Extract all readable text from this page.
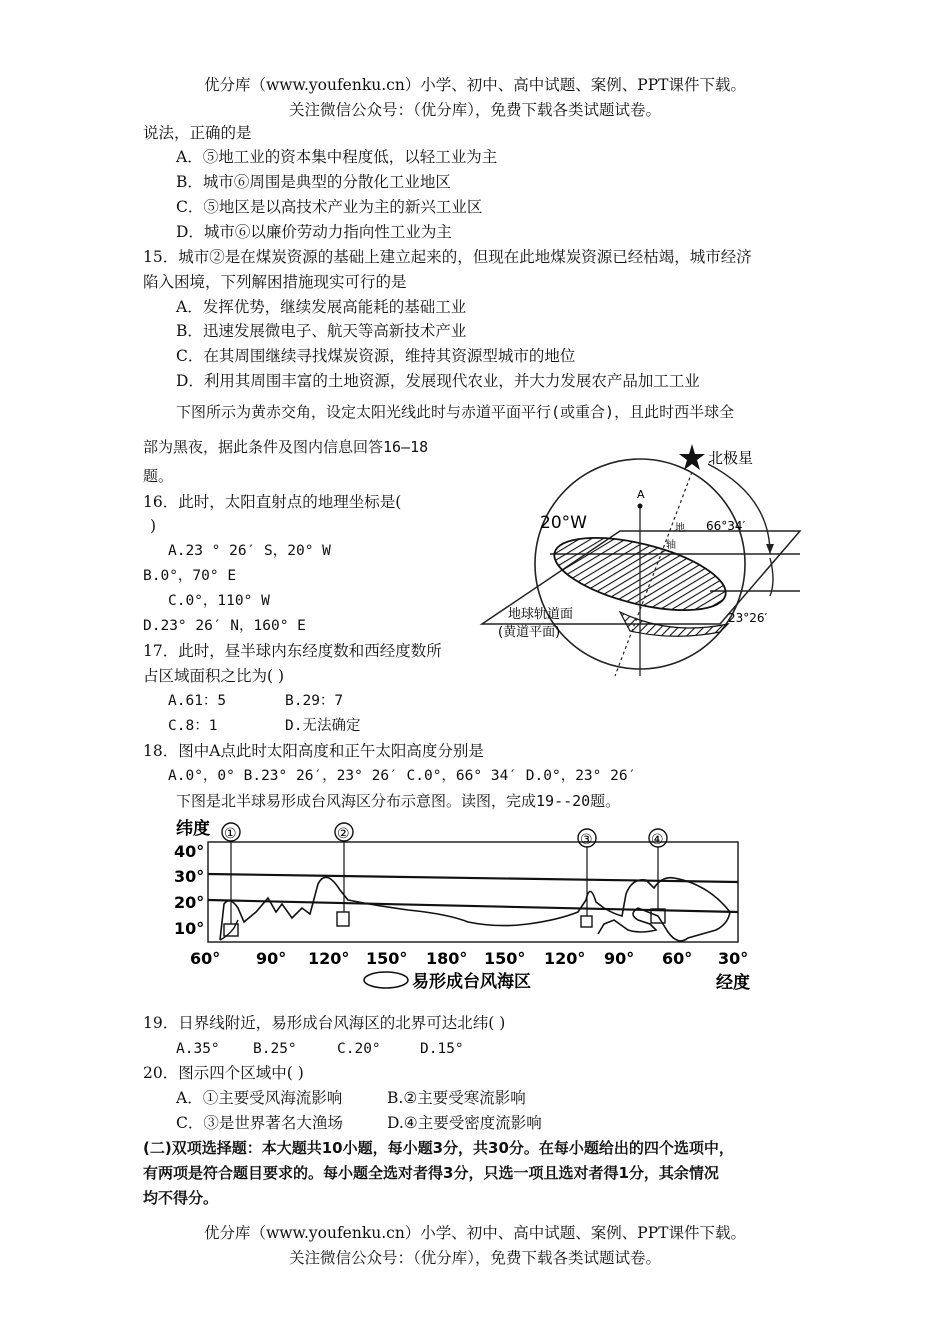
优分库（www.youfenku.cn）小学、初中、高中试题、案例、PPT课件下载。
关注微信公众号：（优分库），免费下载各类试题试卷。
说法，正确的是
A．⑤地工业的资本集中程度低，以轻工业为主
B．城市⑥周围是典型的分散化工业地区
C．⑤地区是以高技术产业为主的新兴工业区
D．城市⑥以廉价劳动力指向性工业为主
15．城市②是在煤炭资源的基础上建立起来的，但现在此地煤炭资源已经枯竭，城市经济
陷入困境，下列解困措施现实可行的是
A．发挥优势，继续发展高能耗的基础工业
B．迅速发展微电子、航天等高新技术产业
C．在其周围继续寻找煤炭资源，维持其资源型城市的地位
D．利用其周围丰富的土地资源，发展现代农业，并大力发展农产品加工工业
下图所示为黄赤交角，设定太阳光线此时与赤道平面平行(或重合)，且此时西半球全
部为黑夜，据此条件及图内信息回答16—18
题。
16．此时，太阳直射点的地理坐标是(
)
A.23 ° 26′ S，20° W
B.0°，70° E
C.0°，110° W
D.23° 26′ N，160° E
17．此时，昼半球内东经度数和西经度数所
占区域面积之比为( )
A.61：5	B.29：7
C.8：1	D.无法确定
18．图中A点此时太阳高度和正午太阳高度分别是
A.0°，0° B.23° 26′，23° 26′ C.0°，66° 34′ D.0°，23° 26′
下图是北半球易形成台风海区分布示意图。读图，完成19--20题。
北极星
A
20°W	地
轴
66°34′
23°26′
地球轨道面
(黄道平面)
纬度
40°
30°
20°
10°
60° 90° 120° 150° 180° 150° 120° 90° 60° 30°
经度
①	②	③	④
易形成台风海区
19．日界线附近，易形成台风海区的北界可达北纬( )
A.35° B.25°	C.20°	D.15°
20．图示四个区域中( )
A．①主要受风海流影响	B.②主要受寒流影响
C．③是世界著名大渔场	D.④主要受密度流影响
(二)双项选择题：本大题共10小题，每小题3分，共30分。在每小题给出的四个选项中，
有两项是符合题目要求的。每小题全选对者得3分，只选一项且选对者得1分，其余情况
均不得分。
优分库（www.youfenku.cn）小学、初中、高中试题、案例、PPT课件下载。
关注微信公众号：（优分库），免费下载各类试题试卷。
